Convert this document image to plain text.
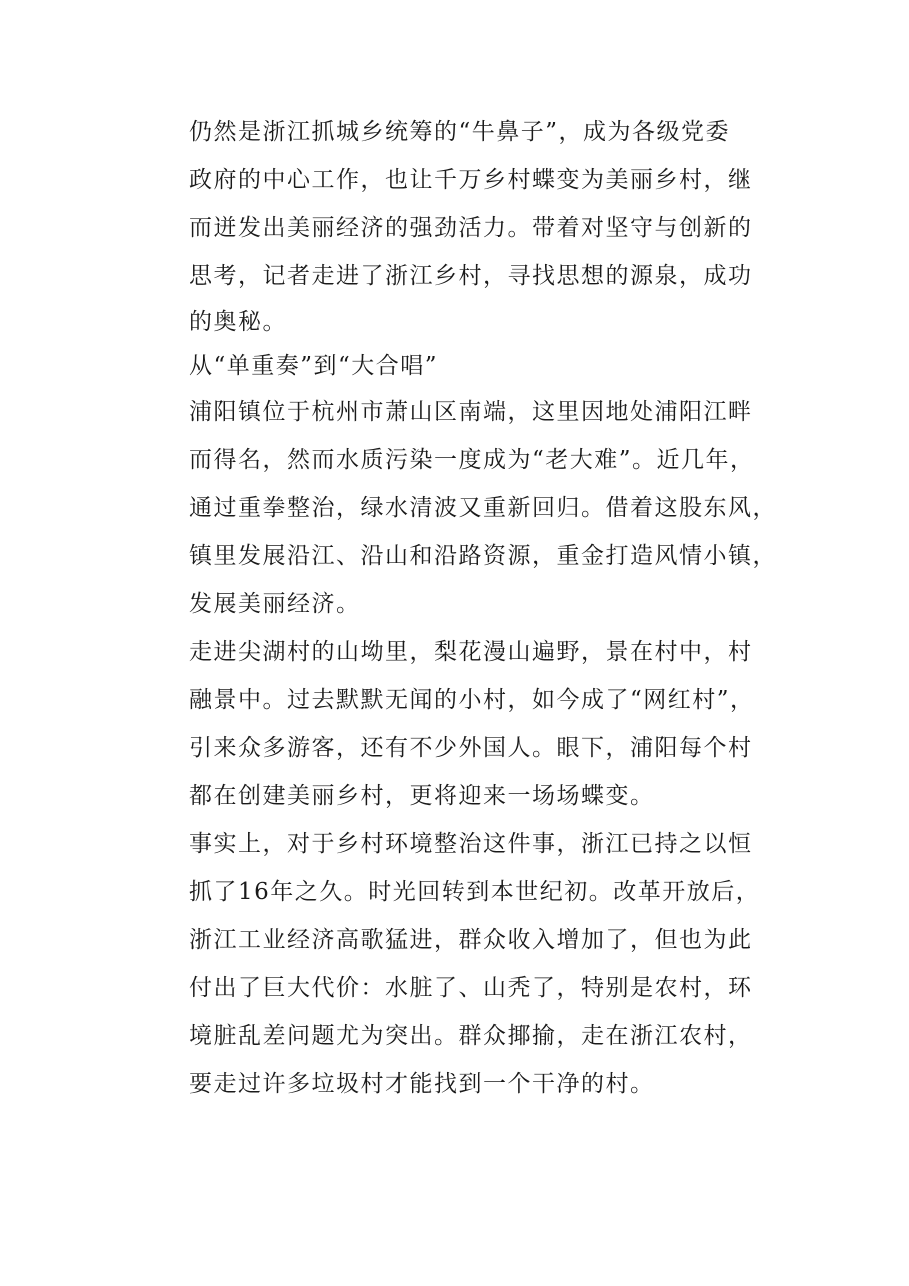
仍然是浙江抓城乡统筹的“牛鼻子”，成为各级党委
政府的中心工作，也让千万乡村蝶变为美丽乡村，继
而迸发出美丽经济的强劲活力。带着对坚守与创新的
思考，记者走进了浙江乡村，寻找思想的源泉，成功
的奥秘。
从“单重奏”到“大合唱”
浦阳镇位于杭州市萧山区南端，这里因地处浦阳江畔
而得名，然而水质污染一度成为“老大难”。近几年，
通过重拳整治，绿水清波又重新回归。借着这股东风，
镇里发展沿江、沿山和沿路资源，重金打造风情小镇，
发展美丽经济。
走进尖湖村的山坳里，梨花漫山遍野，景在村中，村
融景中。过去默默无闻的小村，如今成了“网红村”，
引来众多游客，还有不少外国人。眼下，浦阳每个村
都在创建美丽乡村，更将迎来一场场蝶变。
事实上，对于乡村环境整治这件事，浙江已持之以恒
抓了16年之久。时光回转到本世纪初。改革开放后，
浙江工业经济高歌猛进，群众收入增加了，但也为此
付出了巨大代价：水脏了、山秃了，特别是农村，环
境脏乱差问题尤为突出。群众揶揄，走在浙江农村，
要走过许多垃圾村才能找到一个干净的村。
